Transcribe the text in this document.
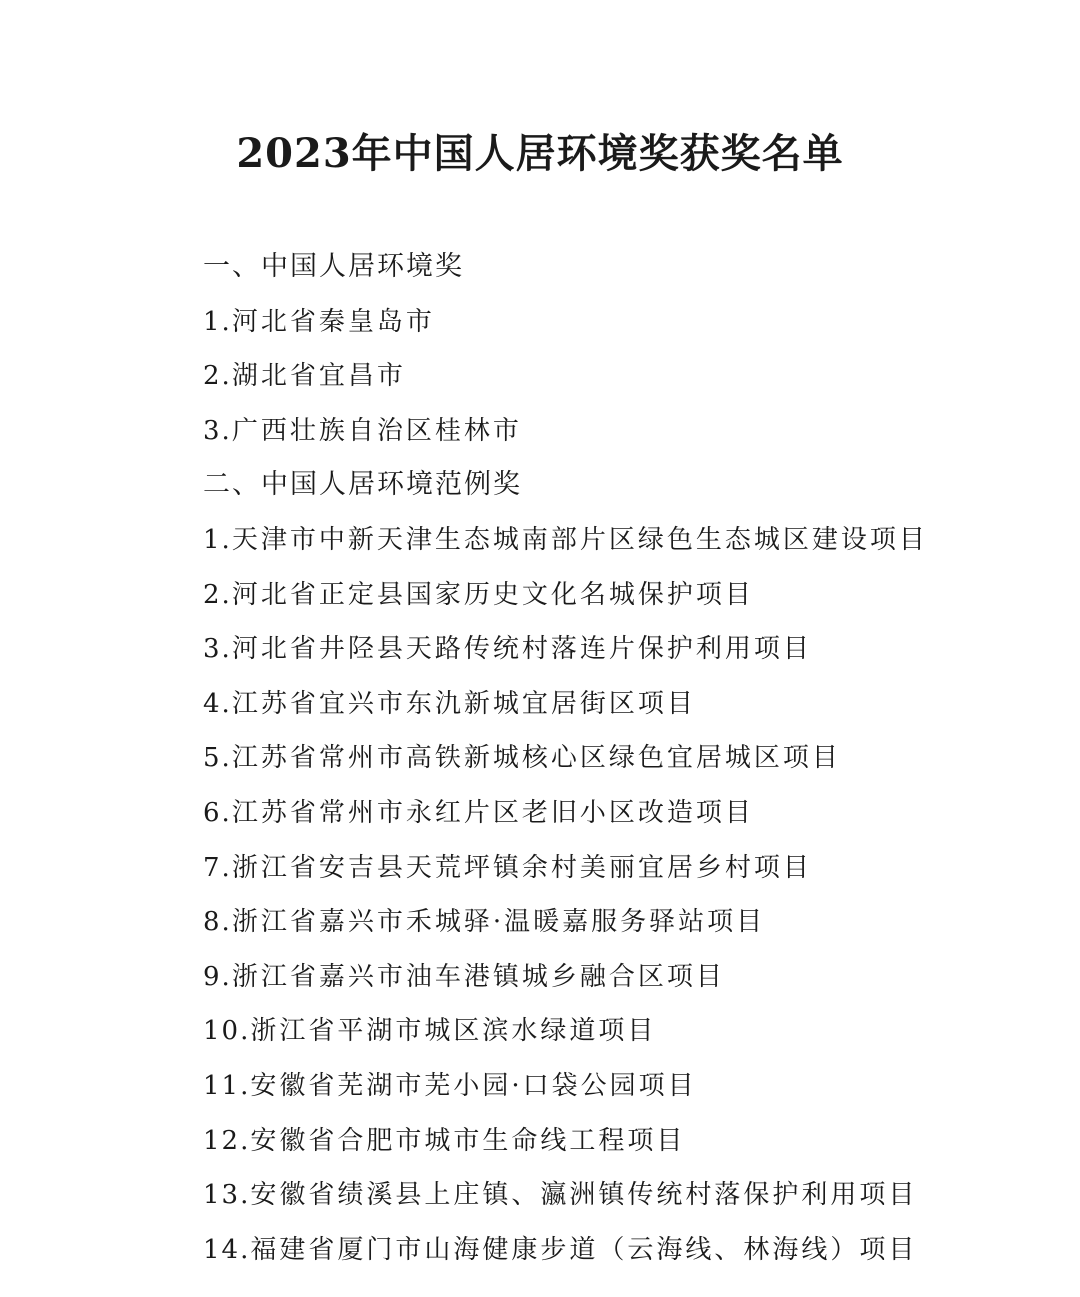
2023年中国人居环境奖获奖名单
一、中国人居环境奖
1.河北省秦皇岛市
2.湖北省宜昌市
3.广西壮族自治区桂林市
二、中国人居环境范例奖
1.天津市中新天津生态城南部片区绿色生态城区建设项目
2.河北省正定县国家历史文化名城保护项目
3.河北省井陉县天路传统村落连片保护利用项目
4.江苏省宜兴市东氿新城宜居街区项目
5.江苏省常州市高铁新城核心区绿色宜居城区项目
6.江苏省常州市永红片区老旧小区改造项目
7.浙江省安吉县天荒坪镇余村美丽宜居乡村项目
8.浙江省嘉兴市禾城驿·温暖嘉服务驿站项目
9.浙江省嘉兴市油车港镇城乡融合区项目
10.浙江省平湖市城区滨水绿道项目
11.安徽省芜湖市芜小园·口袋公园项目
12.安徽省合肥市城市生命线工程项目
13.安徽省绩溪县上庄镇、瀛洲镇传统村落保护利用项目
14.福建省厦门市山海健康步道（云海线、林海线）项目
